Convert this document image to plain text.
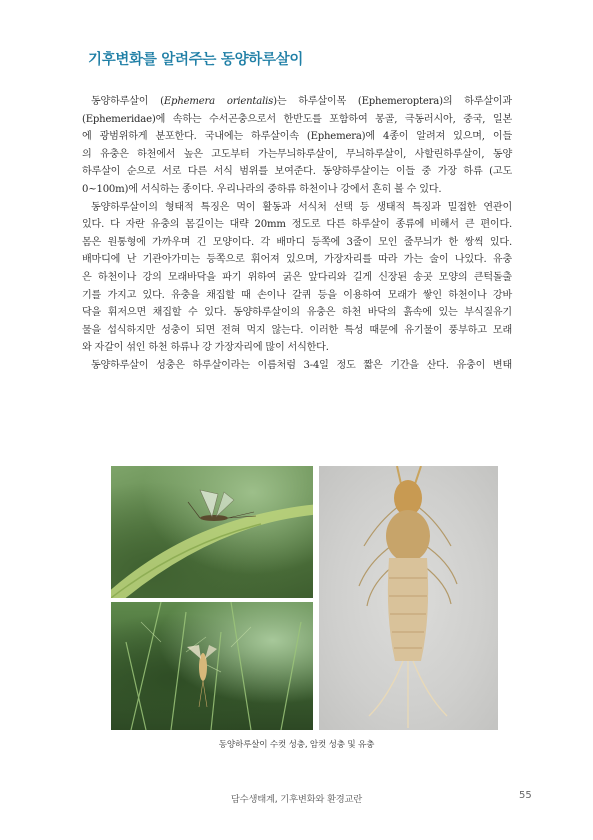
기후변화를 알려주는 동양하루살이
동양하루살이 (Ephemera orientalis)는 하루살이목 (Ephemeroptera)의 하루살이과
(Ephemeridae)에 속하는 수서곤충으로서 한반도를 포함하여 몽골, 극동러시아, 중국, 일본
에 광범위하게 분포한다. 국내에는 하루살이속 (Ephemera)에 4종이 알려져 있으며, 이들
의 유충은 하천에서 높은 고도부터 가는무늬하루살이, 무늬하루살이, 사할린하루살이, 동양
하루살이 순으로 서로 다른 서식 범위를 보여준다. 동양하루살이는 이들 중 가장 하류 (고도
0~100m)에 서식하는 종이다. 우리나라의 중하류 하천이나 강에서 흔히 볼 수 있다.
동양하루살이의 형태적 특징은 먹이 활동과 서식처 선택 등 생태적 특징과 밀접한 연관이
있다. 다 자란 유충의 몸길이는 대략 20mm 정도로 다른 하루살이 종류에 비해서 큰 편이다.
몸은 원통형에 가까우며 긴 모양이다. 각 배마디 등쪽에 3줄이 모인 줄무늬가 한 쌍씩 있다.
배마디에 난 기관아가미는 등쪽으로 휘어져 있으며, 가장자리를 따라 가는 술이 나있다. 유충
은 하천이나 강의 모래바닥을 파기 위하여 굵은 앞다리와 길게 신장된 송곳 모양의 큰턱돌출
기를 가지고 있다. 유충을 채집할 때 손이나 갈퀴 등을 이용하여 모래가 쌓인 하천이나 강바
닥을 휘저으면 채집할 수 있다. 동양하루살이의 유충은 하천 바닥의 흙속에 있는 부식질유기
물을 섭식하지만 성충이 되면 전혀 먹지 않는다. 이러한 특성 때문에 유기물이 풍부하고 모래
와 자갈이 섞인 하천 하류나 강 가장자리에 많이 서식한다.
동양하루살이 성충은 하루살이라는 이름처럼 3-4일 정도 짧은 기간을 산다. 유충이 변태
동양하루살이 수컷 성충, 암컷 성충 및 유충
담수생태계, 기후변화와 환경교란	55
